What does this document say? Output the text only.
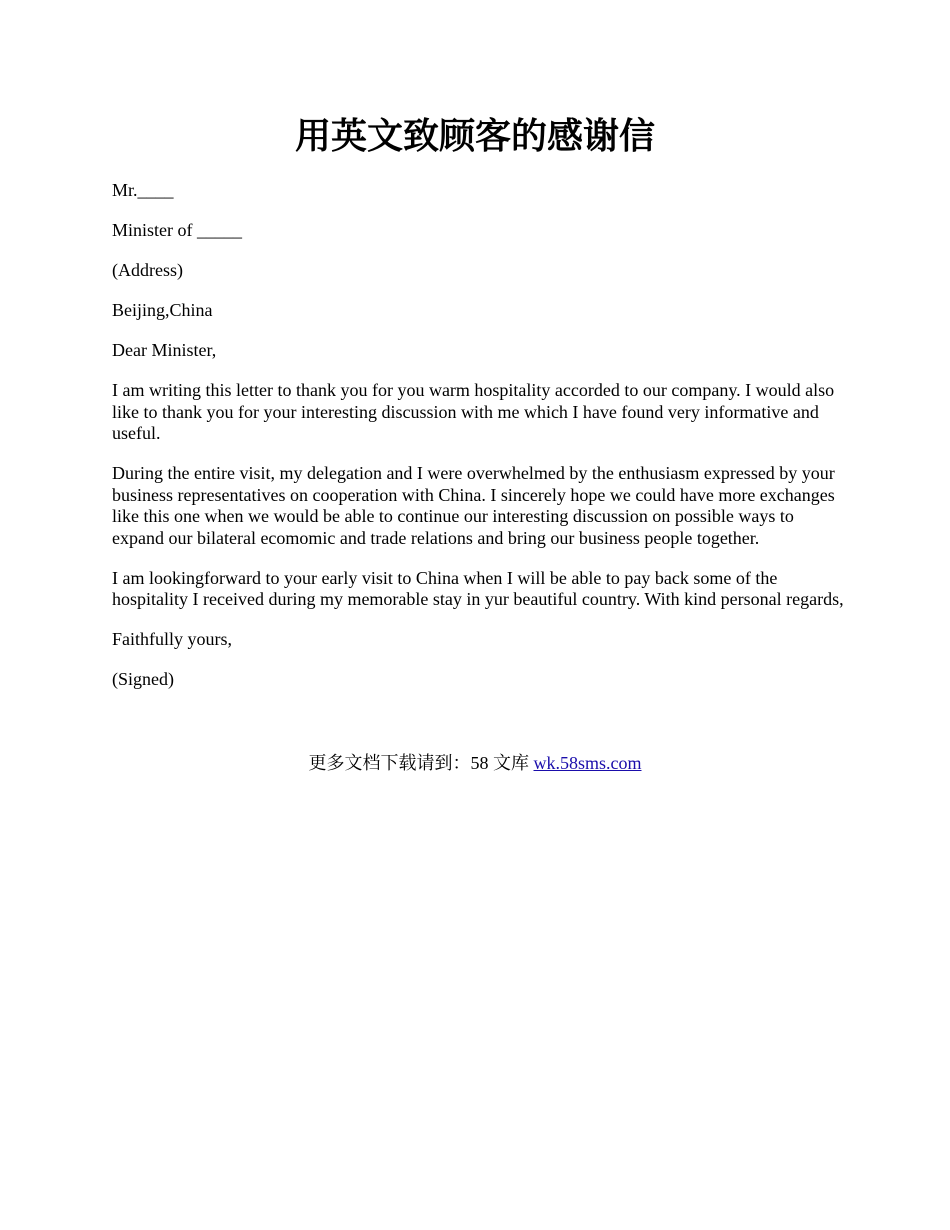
用英文致顾客的感谢信

Mr.____

Minister of _____

(Address)

Beijing,China

Dear Minister,

I am writing this letter to thank you for you warm hospitality accorded to our company. I would also like to thank you for your interesting discussion with me which I have found very informative and useful.

During the entire visit, my delegation and I were overwhelmed by the enthusiasm expressed by your business representatives on cooperation with China. I sincerely hope we could have more exchanges like this one when we would be able to continue our interesting discussion on possible ways to expand our bilateral ecomomic and trade relations and bring our business people together.

I am lookingforward to your early visit to China when I will be able to pay back some of the hospitality I received during my memorable stay in yur beautiful country. With kind personal regards,

Faithfully yours,

(Signed)

更多文档下载请到：58 文库 wk.58sms.com
